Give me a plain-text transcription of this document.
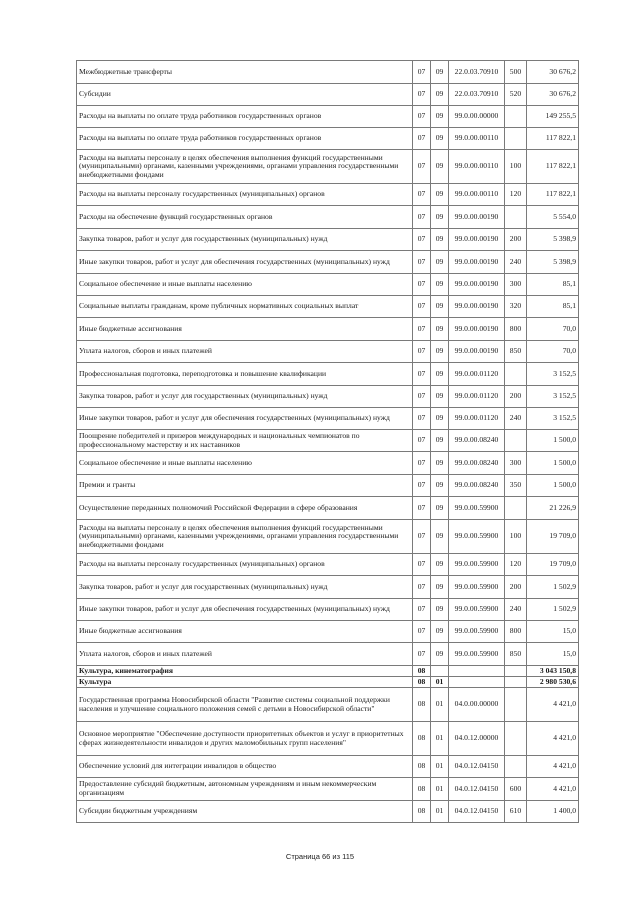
Межбюджетные трансферты	07	09	22.0.03.70910	500	30 676,2
Субсидии	07	09	22.0.03.70910	520	30 676,2
Расходы на выплаты по оплате труда работников государственных органов	07	09	99.0.00.00000		149 255,5
Расходы на выплаты по оплате труда работников государственных органов	07	09	99.0.00.00110		117 822,1
Расходы на выплаты персоналу в целях обеспечения выполнения функций государственными (муниципальными) органами, казенными учреждениями, органами управления государственными внебюджетными фондами	07	09	99.0.00.00110	100	117 822,1
Расходы на выплаты персоналу государственных (муниципальных) органов	07	09	99.0.00.00110	120	117 822,1
Расходы на обеспечение функций государственных органов	07	09	99.0.00.00190		5 554,0
Закупка товаров, работ и услуг для государственных (муниципальных) нужд	07	09	99.0.00.00190	200	5 398,9
Иные закупки товаров, работ и услуг для обеспечения государственных (муниципальных) нужд	07	09	99.0.00.00190	240	5 398,9
Социальное обеспечение и иные выплаты населению	07	09	99.0.00.00190	300	85,1
Социальные выплаты гражданам, кроме публичных нормативных социальных выплат	07	09	99.0.00.00190	320	85,1
Иные бюджетные ассигнования	07	09	99.0.00.00190	800	70,0
Уплата налогов, сборов и иных платежей	07	09	99.0.00.00190	850	70,0
Профессиональная подготовка, переподготовка и повышение квалификации	07	09	99.0.00.01120		3 152,5
Закупка товаров, работ и услуг для государственных (муниципальных) нужд	07	09	99.0.00.01120	200	3 152,5
Иные закупки товаров, работ и услуг для обеспечения государственных (муниципальных) нужд	07	09	99.0.00.01120	240	3 152,5
Поощрение победителей и призеров международных и национальных чемпионатов по профессиональному мастерству и их наставников	07	09	99.0.00.08240		1 500,0
Социальное обеспечение и иные выплаты населению	07	09	99.0.00.08240	300	1 500,0
Премии и гранты	07	09	99.0.00.08240	350	1 500,0
Осуществление переданных полномочий Российской Федерации в сфере образования	07	09	99.0.00.59900		21 226,9
Расходы на выплаты персоналу в целях обеспечения выполнения функций государственными (муниципальными) органами, казенными учреждениями, органами управления государственными внебюджетными фондами	07	09	99.0.00.59900	100	19 709,0
Расходы на выплаты персоналу государственных (муниципальных) органов	07	09	99.0.00.59900	120	19 709,0
Закупка товаров, работ и услуг для государственных (муниципальных) нужд	07	09	99.0.00.59900	200	1 502,9
Иные закупки товаров, работ и услуг для обеспечения государственных (муниципальных) нужд	07	09	99.0.00.59900	240	1 502,9
Иные бюджетные ассигнования	07	09	99.0.00.59900	800	15,0
Уплата налогов, сборов и иных платежей	07	09	99.0.00.59900	850	15,0
Культура, кинематография	08				3 043 150,8
Культура	08	01			2 980 530,6
Государственная программа Новосибирской области "Развитие системы социальной поддержки населения и улучшение социального положения семей с детьми в Новосибирской области"	08	01	04.0.00.00000		4 421,0
Основное мероприятие "Обеспечение доступности приоритетных объектов и услуг в приоритетных сферах жизнедеятельности инвалидов и других маломобильных групп населения"	08	01	04.0.12.00000		4 421,0
Обеспечение условий для интеграции инвалидов в общество	08	01	04.0.12.04150		4 421,0
Предоставление субсидий бюджетным, автономным учреждениям и иным некоммерческим организациям	08	01	04.0.12.04150	600	4 421,0
Субсидии бюджетным учреждениям	08	01	04.0.12.04150	610	1 400,0
Страница 66 из 115
